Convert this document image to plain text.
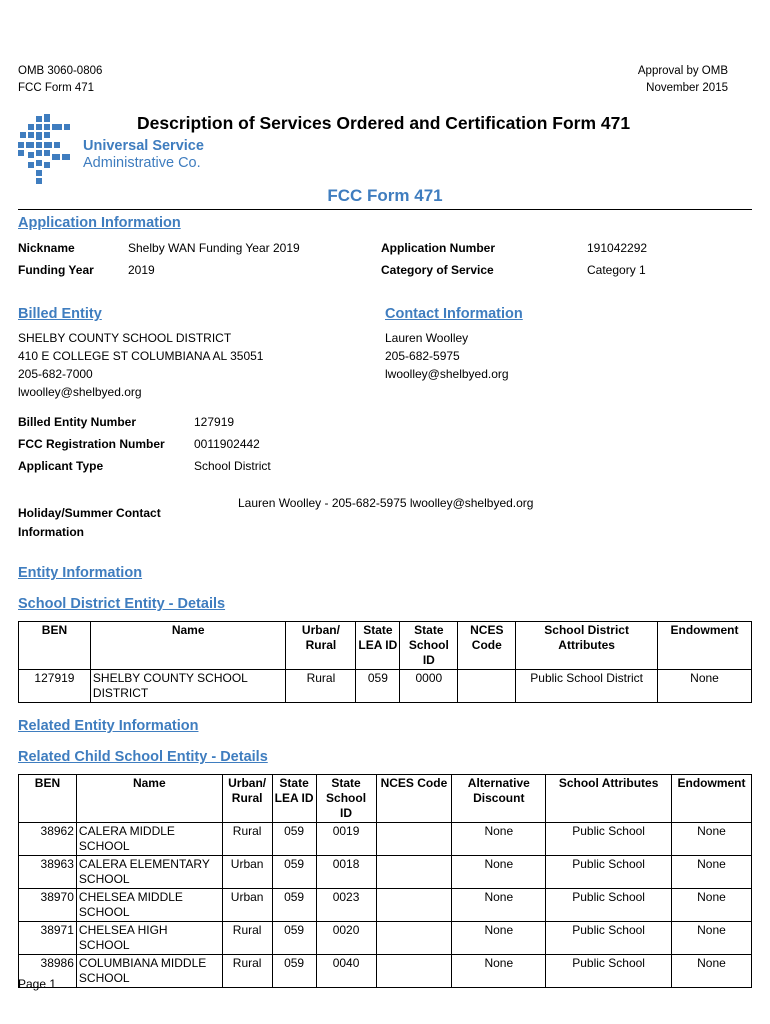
OMB 3060-0806
FCC Form 471
Approval by OMB
November 2015
Universal Service
Administrative Co.
Description of Services Ordered and Certification Form 471
FCC Form 471
Application Information
Nickname	Shelby WAN Funding Year 2019
Funding Year	2019
Application Number	191042292
Category of Service	Category 1
Billed Entity
SHELBY COUNTY SCHOOL DISTRICT
410 E COLLEGE ST COLUMBIANA AL 35051
205-682-7000
lwoolley@shelbyed.org
Contact Information
Lauren Woolley
205-682-5975
lwoolley@shelbyed.org
Billed Entity Number	127919
FCC Registration Number 0011902442
Applicant Type	School District
Holiday/Summer Contact
Information
Lauren Woolley - 205-682-5975 lwoolley@shelbyed.org
Entity Information
School District Entity - Details
BEN	Name	Urban/ Rural	State LEA ID	State School ID	NCES Code	School District Attributes	Endowment
127919	SHELBY COUNTY SCHOOL DISTRICT	Rural	059	0000		Public School District	None
Related Entity Information
Related Child School Entity - Details
BEN	Name	Urban/ Rural	State LEA ID	State School ID	NCES Code	Alternative Discount	School Attributes	Endowment
38962	CALERA MIDDLE SCHOOL	Rural	059	0019		None	Public School	None
38963	CALERA ELEMENTARY SCHOOL	Urban	059	0018		None	Public School	None
38970	CHELSEA MIDDLE SCHOOL	Urban	059	0023		None	Public School	None
38971	CHELSEA HIGH SCHOOL	Rural	059	0020		None	Public School	None
38986	COLUMBIANA MIDDLE SCHOOL	Rural	059	0040		None	Public School	None
Page 1
